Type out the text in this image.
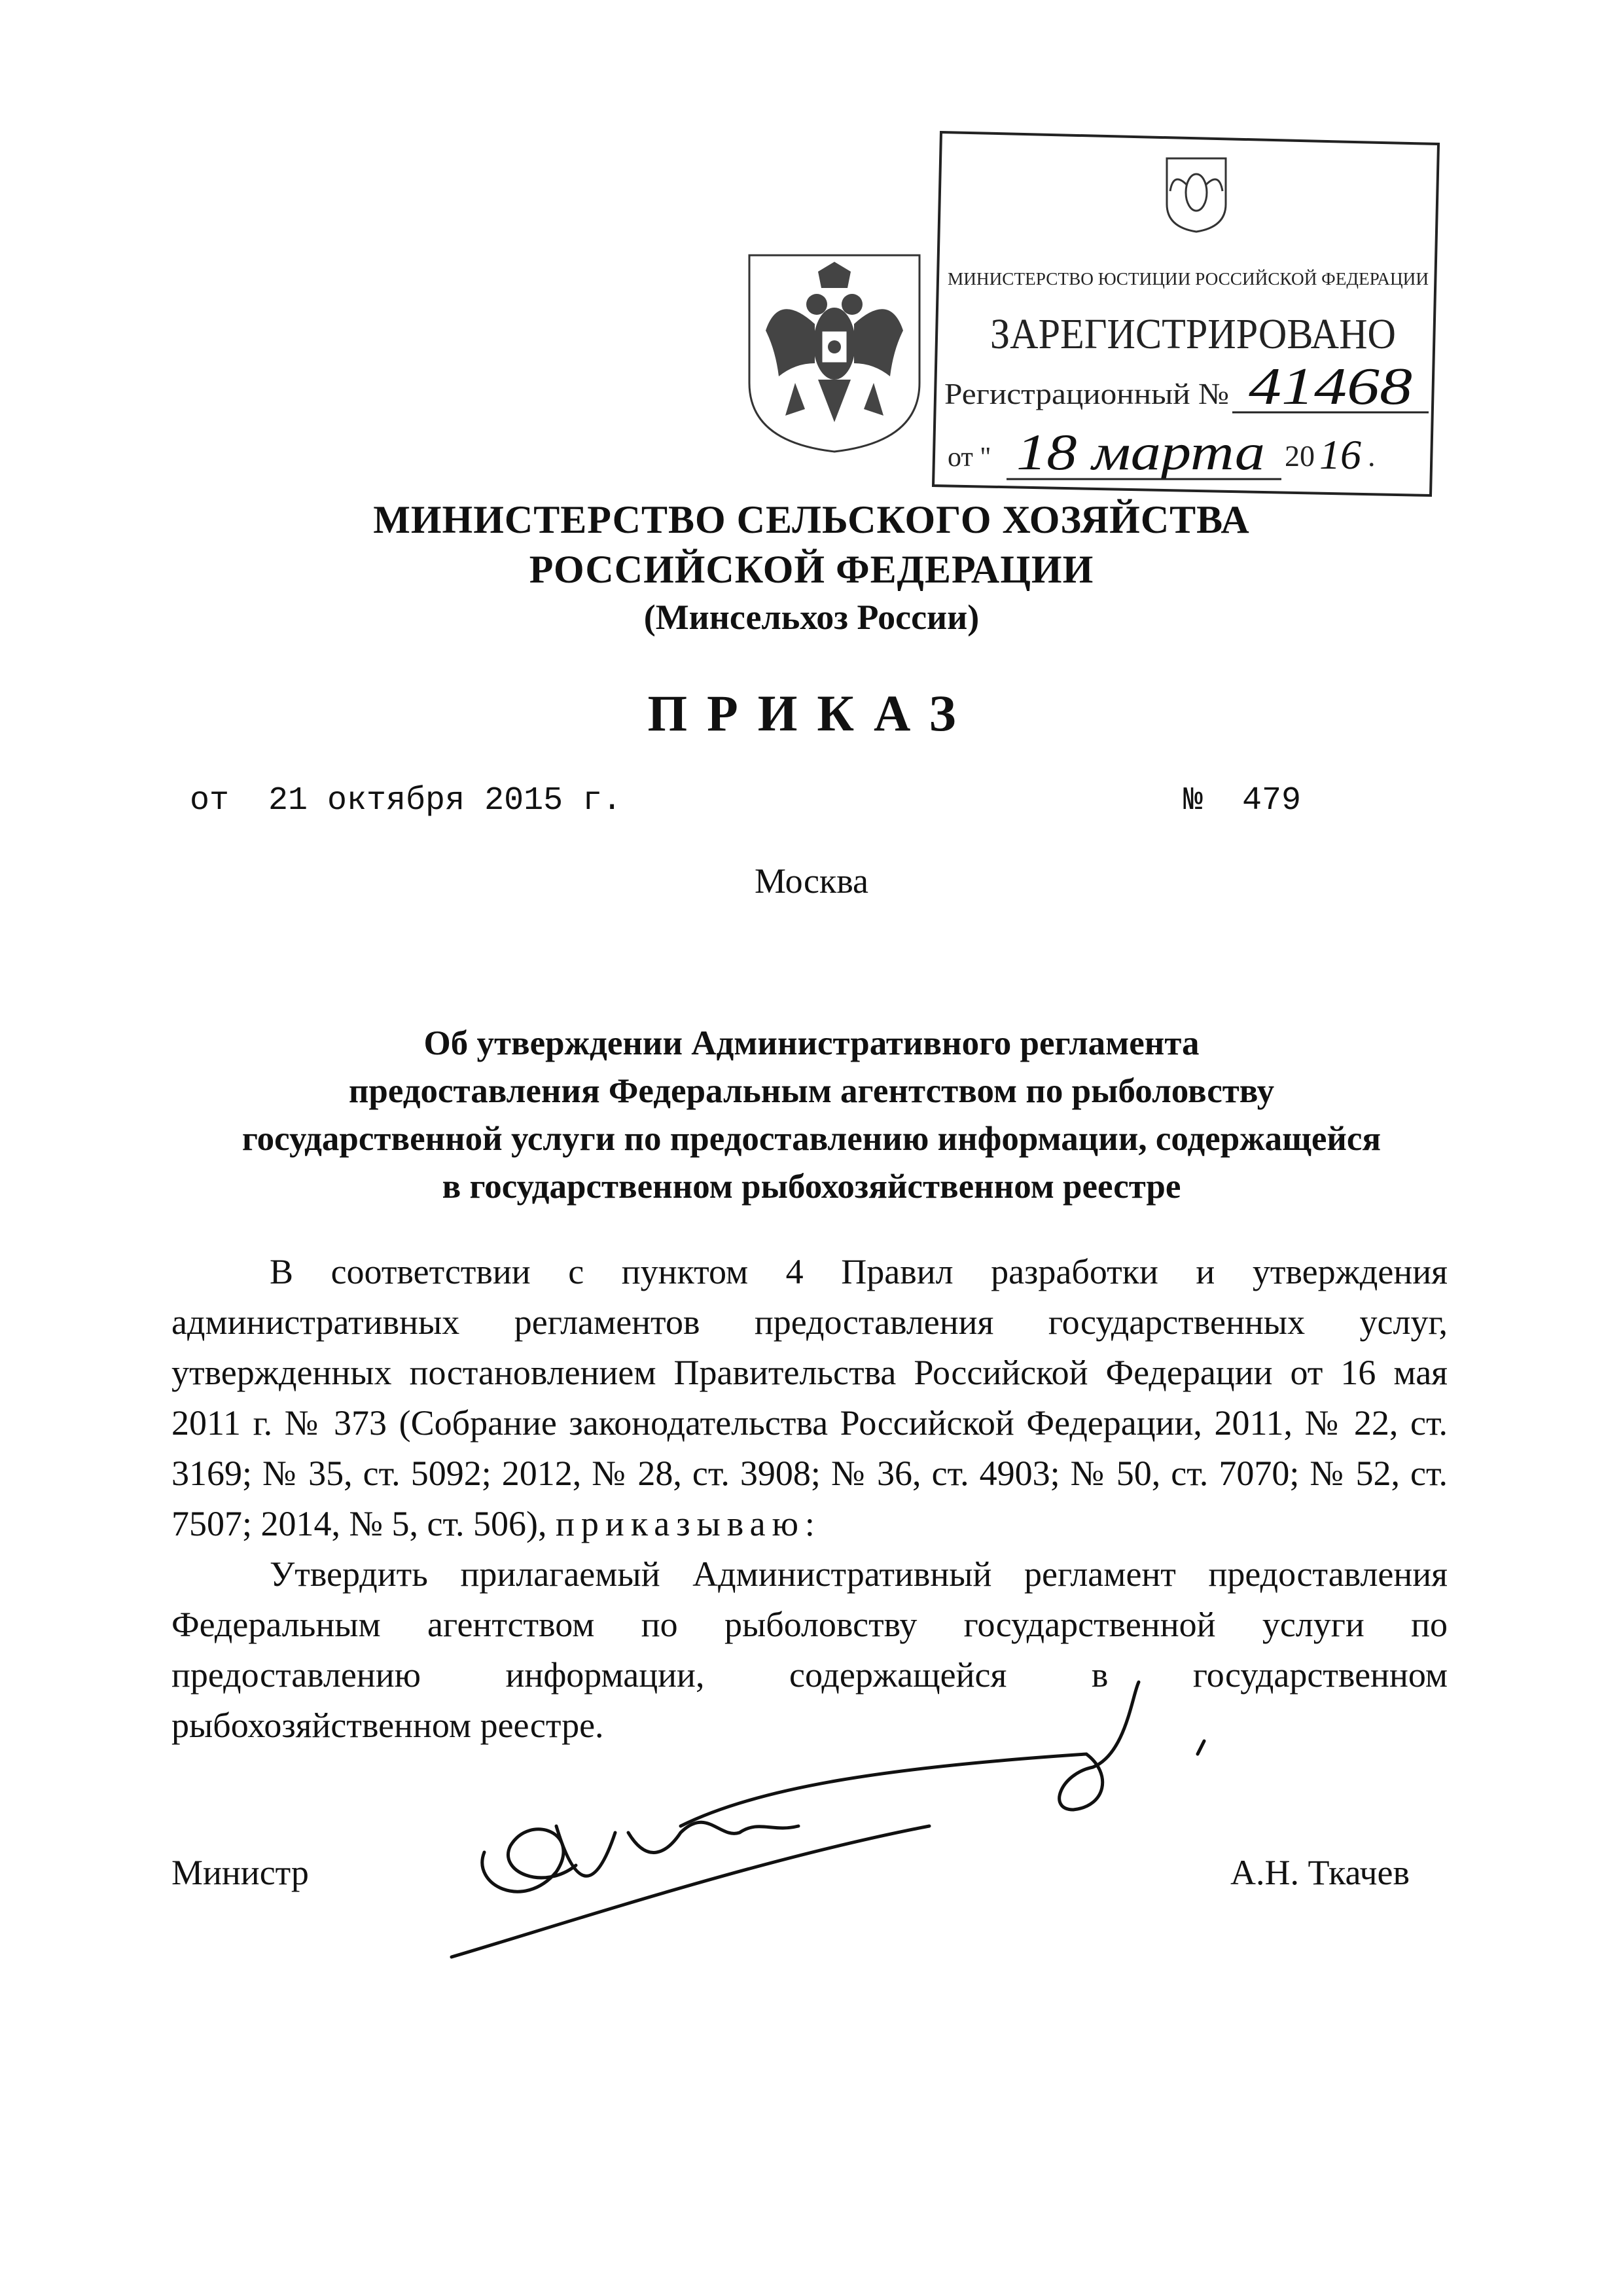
МИНИСТЕРСТВО ЮСТИЦИИ РОССИЙСКОЙ ФЕДЕРАЦИИ
ЗАРЕГИСТРИРОВАНО
Регистрационный № 41468
от " 18 марта 20 16 .
МИНИСТЕРСТВО СЕЛЬСКОГО ХОЗЯЙСТВА
РОССИЙСКОЙ ФЕДЕРАЦИИ
(Минсельхоз России)
ПРИКАЗ
от  21 октября 2015 г.	№  479
Москва
Об утверждении Административного регламента
предоставления Федеральным агентством по рыболовству
государственной услуги по предоставлению информации, содержащейся
в государственном рыбохозяйственном реестре

В соответствии с пунктом 4 Правил разработки и утверждения административных регламентов предоставления государственных услуг, утвержденных постановлением Правительства Российской Федерации от 16 мая 2011 г. № 373 (Собрание законодательства Российской Федерации, 2011, № 22, ст. 3169; № 35, ст. 5092; 2012, № 28, ст. 3908; № 36, ст. 4903; № 50, ст. 7070; № 52, ст. 7507; 2014, № 5, ст. 506), приказываю:

Утвердить прилагаемый Административный регламент предоставления Федеральным агентством по рыболовству государственной услуги по предоставлению информации, содержащейся в государственном рыбохозяйственном реестре.

Министр	А.Н. Ткачев
